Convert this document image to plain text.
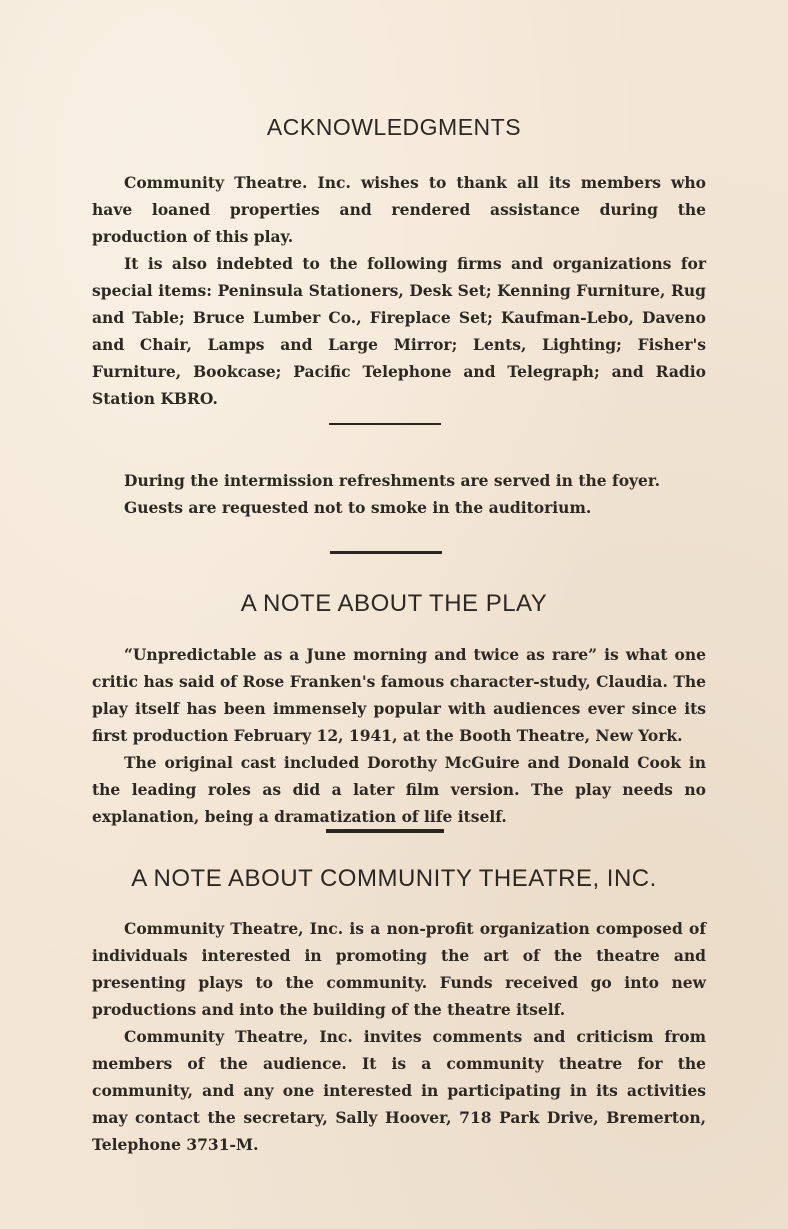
ACKNOWLEDGMENTS

Community Theatre. Inc. wishes to thank all its members who have loaned properties and rendered assistance during the production of this play.

It is also indebted to the following firms and organizations for special items: Peninsula Stationers, Desk Set; Kenning Furniture, Rug and Table; Bruce Lumber Co., Fireplace Set; Kaufman-Lebo, Daveno and Chair, Lamps and Large Mirror; Lents, Lighting; Fisher's Furniture, Bookcase; Pacific Telephone and Telegraph; and Radio Station KBRO.

During the intermission refreshments are served in the foyer.

Guests are requested not to smoke in the auditorium.

A NOTE ABOUT THE PLAY

“Unpredictable as a June morning and twice as rare” is what one critic has said of Rose Franken's famous character-study, Claudia. The play itself has been immensely popular with audiences ever since its first production February 12, 1941, at the Booth Theatre, New York.

The original cast included Dorothy McGuire and Donald Cook in the leading roles as did a later film version. The play needs no explanation, being a dramatization of life itself.

A NOTE ABOUT COMMUNITY THEATRE, INC.

Community Theatre, Inc. is a non-profit organization composed of individuals interested in promoting the art of the theatre and presenting plays to the community. Funds received go into new productions and into the building of the theatre itself.

Community Theatre, Inc. invites comments and criticism from members of the audience. It is a community theatre for the community, and any one interested in participating in its activities may contact the secretary, Sally Hoover, 718 Park Drive, Bremerton, Telephone 3731-M.
